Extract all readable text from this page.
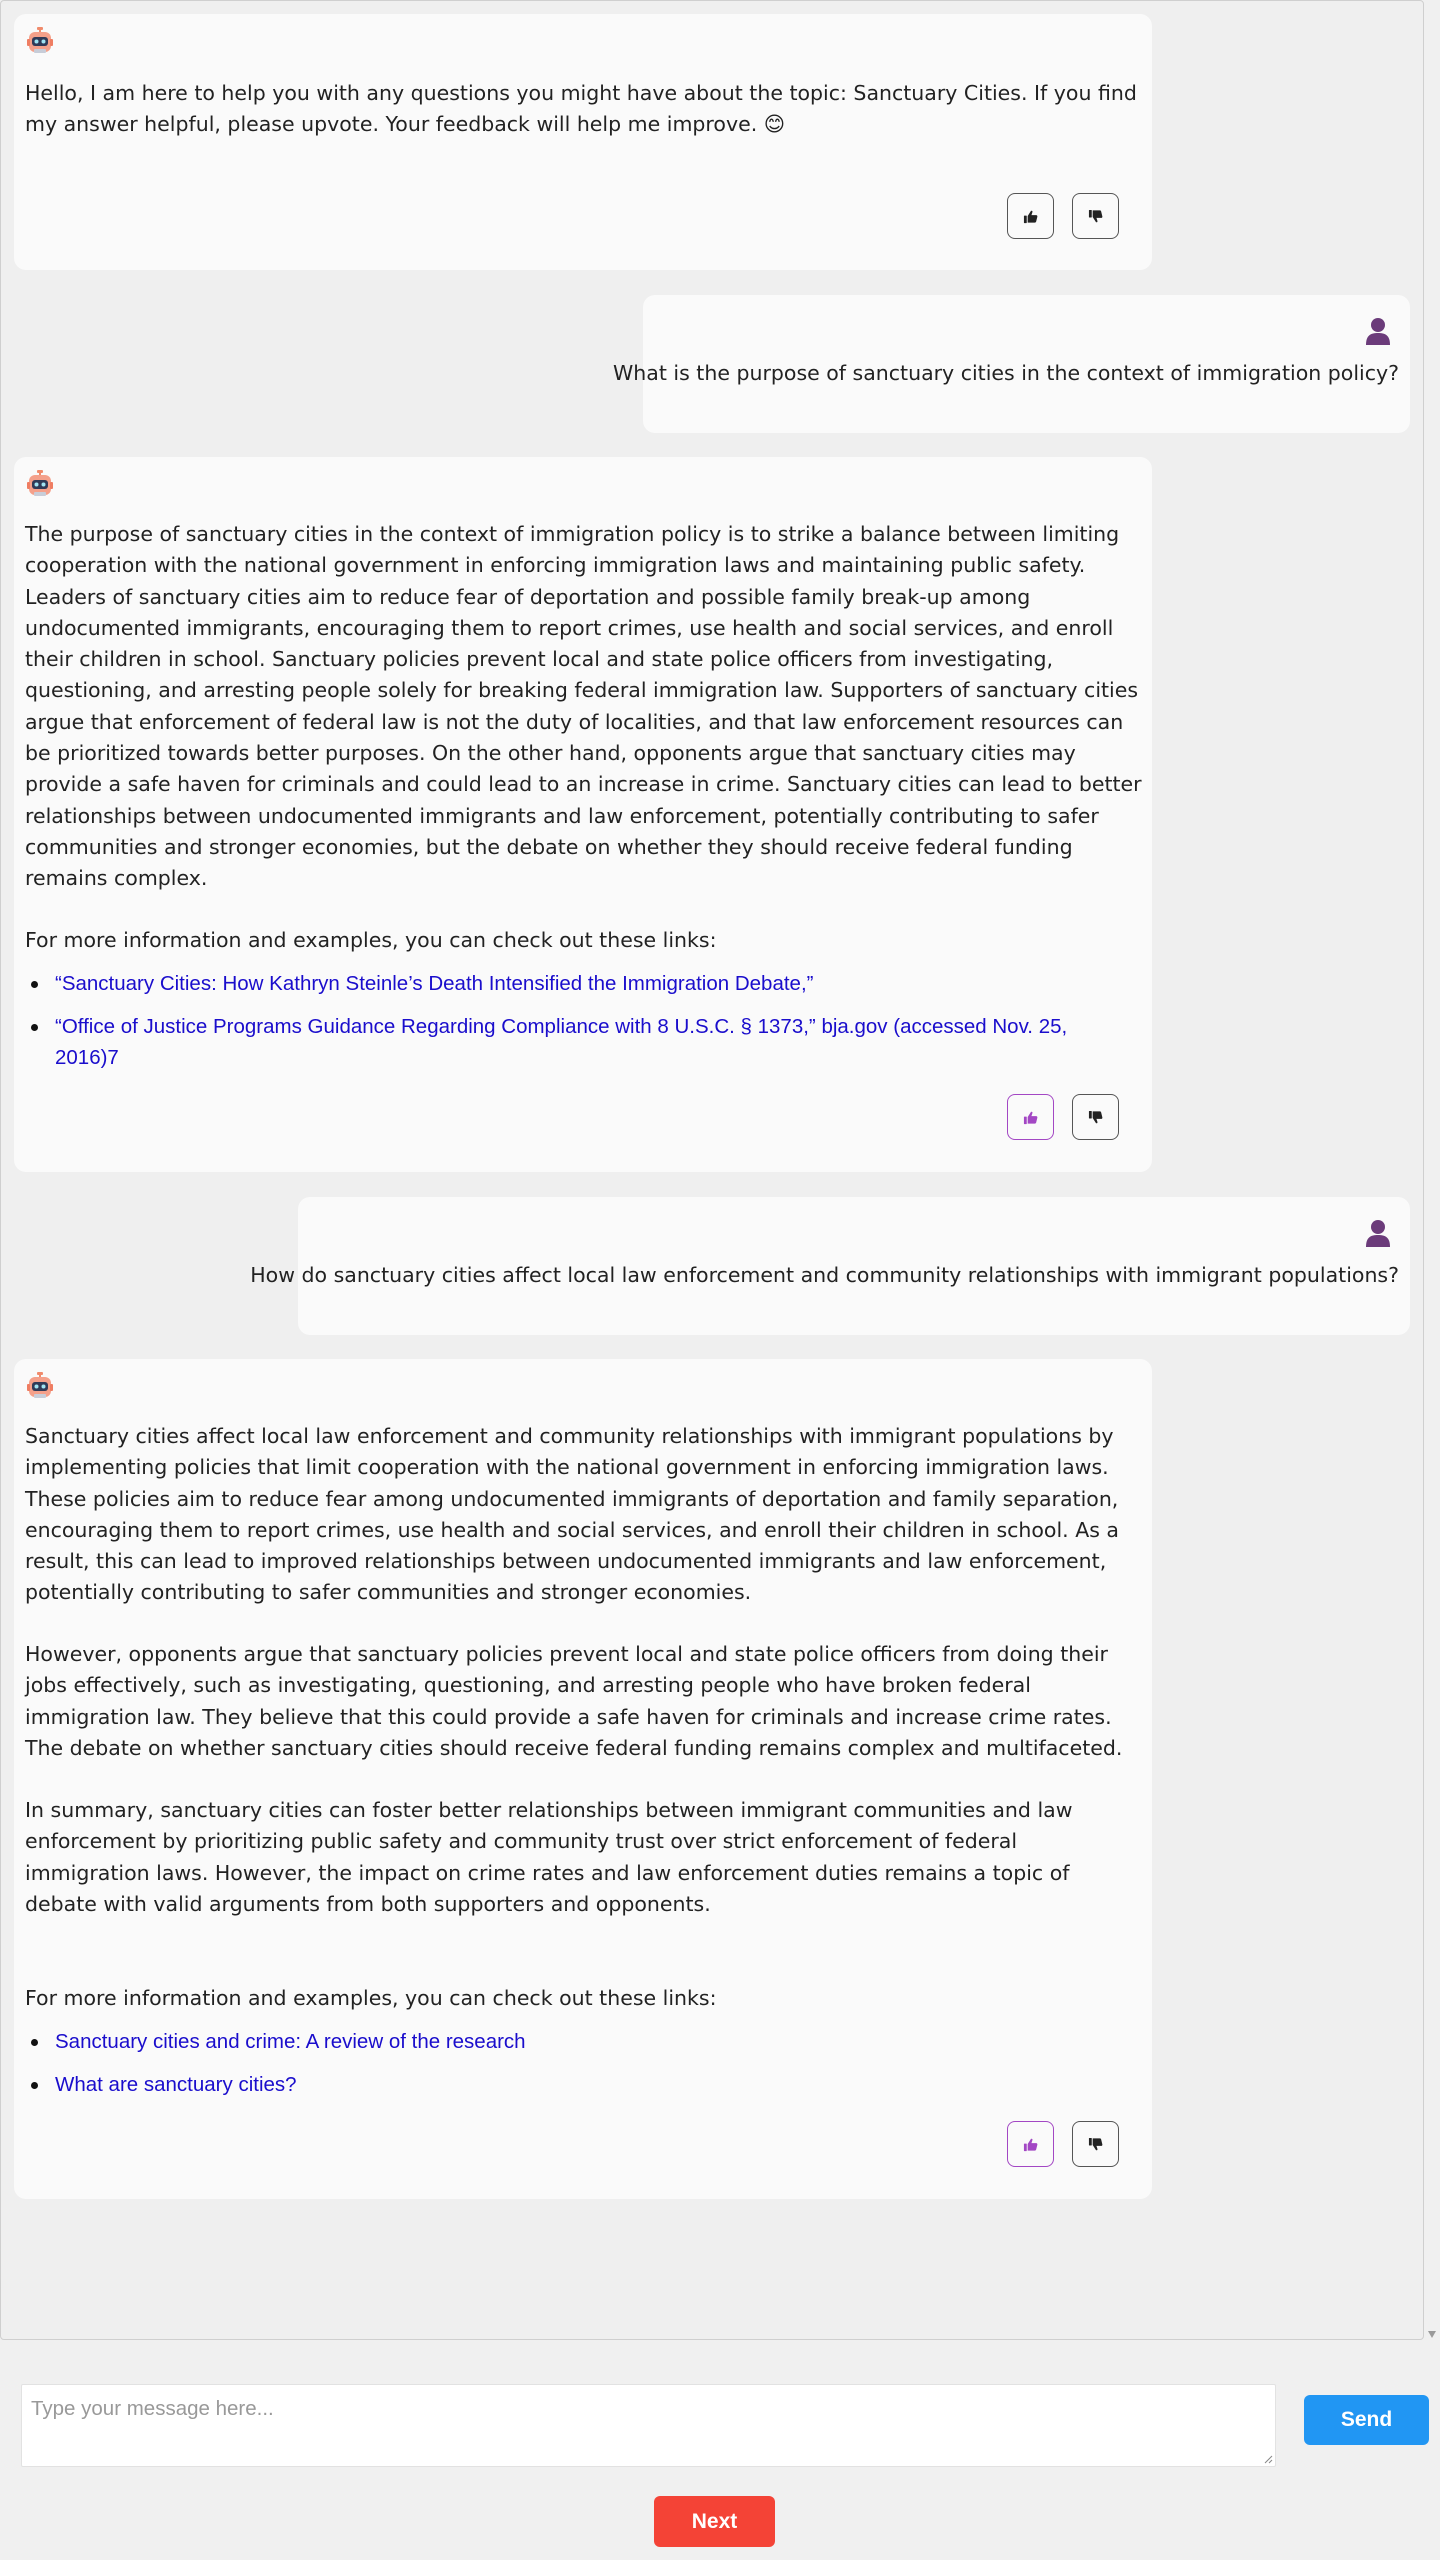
Hello, I am here to help you with any questions you might have about the topic: Sanctuary Cities. If you find my answer helpful, please upvote. Your feedback will help me improve. 😊
What is the purpose of sanctuary cities in the context of immigration policy?
The purpose of sanctuary cities in the context of immigration policy is to strike a balance between limiting cooperation with the national government in enforcing immigration laws and maintaining public safety. Leaders of sanctuary cities aim to reduce fear of deportation and possible family break-up among undocumented immigrants, encouraging them to report crimes, use health and social services, and enroll their children in school. Sanctuary policies prevent local and state police officers from investigating, questioning, and arresting people solely for breaking federal immigration law. Supporters of sanctuary cities argue that enforcement of federal law is not the duty of localities, and that law enforcement resources can be prioritized towards better purposes. On the other hand, opponents argue that sanctuary cities may provide a safe haven for criminals and could lead to an increase in crime. Sanctuary cities can lead to better relationships between undocumented immigrants and law enforcement, potentially contributing to safer communities and stronger economies, but the debate on whether they should receive federal funding remains complex.
For more information and examples, you can check out these links:
“Sanctuary Cities: How Kathryn Steinle’s Death Intensified the Immigration Debate,”
“Office of Justice Programs Guidance Regarding Compliance with 8 U.S.C. § 1373,” bja.gov (accessed Nov. 25, 2016)7
How do sanctuary cities affect local law enforcement and community relationships with immigrant populations?
Sanctuary cities affect local law enforcement and community relationships with immigrant populations by implementing policies that limit cooperation with the national government in enforcing immigration laws. These policies aim to reduce fear among undocumented immigrants of deportation and family separation, encouraging them to report crimes, use health and social services, and enroll their children in school. As a result, this can lead to improved relationships between undocumented immigrants and law enforcement, potentially contributing to safer communities and stronger economies.
However, opponents argue that sanctuary policies prevent local and state police officers from doing their jobs effectively, such as investigating, questioning, and arresting people who have broken federal immigration law. They believe that this could provide a safe haven for criminals and increase crime rates. The debate on whether sanctuary cities should receive federal funding remains complex and multifaceted.
In summary, sanctuary cities can foster better relationships between immigrant communities and law enforcement by prioritizing public safety and community trust over strict enforcement of federal immigration laws. However, the impact on crime rates and law enforcement duties remains a topic of debate with valid arguments from both supporters and opponents.
For more information and examples, you can check out these links:
Sanctuary cities and crime: A review of the research
What are sanctuary cities?
Type your message here...	Send
Next
